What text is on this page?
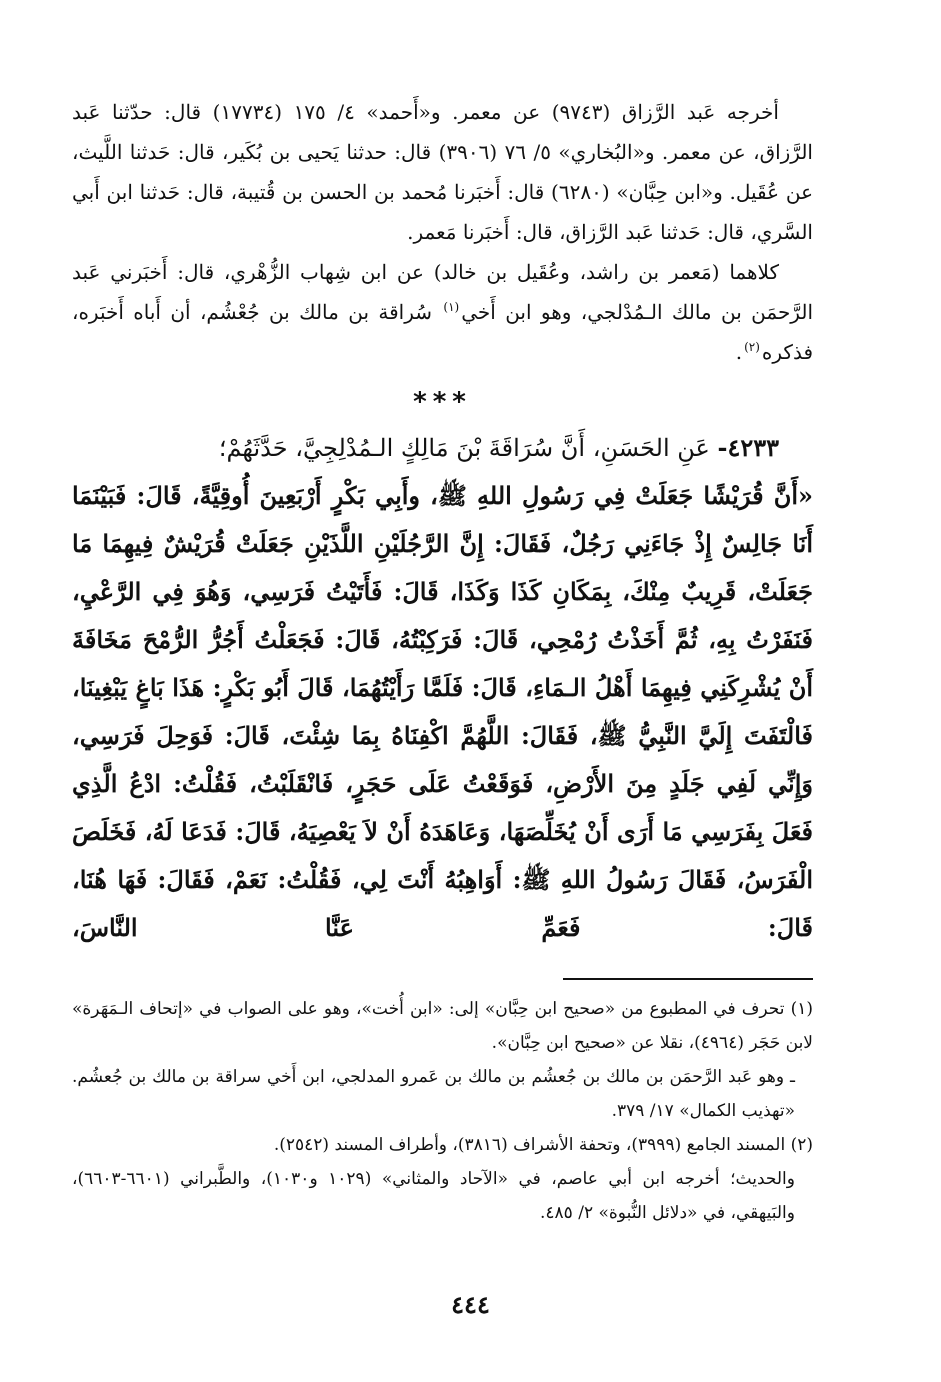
أخرجه عَبد الرَّزاق (٩٧٤٣) عن معمر. و«أَحمد» ٤/ ١٧٥ (١٧٧٣٤) قال: حدّثنا عَبد الرَّزاق، عن معمر. و«البُخاري» ٥/ ٧٦ (٣٩٠٦) قال: حدثنا يَحيى بن بُكَير، قال: حَدثنا اللَّيث، عن عُقَيل. و«ابن حِبَّان» (٦٢٨٠) قال: أَخبَرنا مُحمد بن الحسن بن قُتيبة، قال: حَدثنا ابن أَبي السَّري، قال: حَدثنا عَبد الرَّزاق، قال: أَخبَرنا مَعمر.

كلاهما (مَعمر بن راشد، وعُقَيل بن خالد) عن ابن شِهاب الزُّهْري، قال: أَخبَرني عَبد الرَّحمَن بن مالك الـمُدْلجي، وهو ابن أَخي$^{(١)}$ سُراقة بن مالك بن جُعْشُم، أن أَباه أَخبَره، فذكره$^{(٢)}$.

***

٤٢٣٣- عَنِ الحَسَنِ، أَنَّ سُرَاقَةَ بْنَ مَالِكٍ الـمُدْلِجِيَّ، حَدَّثَهُمْ؛

«أَنَّ قُرَيْشًا جَعَلَتْ فِي رَسُولِ اللهِ ﷺ، وأَبِي بَكْرٍ أَرْبَعِينَ أُوقِيَّةً، قَالَ: فَبَيْنَمَا أَنَا جَالِسٌ إِذْ جَاءَنِي رَجُلٌ، فَقَالَ: إِنَّ الرَّجُلَيْنِ اللَّذَيْنِ جَعَلَتْ قُرَيْشٌ فِيهِمَا مَا جَعَلَتْ، قَرِيبٌ مِنْكَ، بِمَكَانِ كَذَا وَكَذَا، قَالَ: فَأَتَيْتُ فَرَسِي، وَهُوَ فِي الرَّعْيِ، فَنَفَرْتُ بِهِ، ثُمَّ أَخَذْتُ رُمْحِي، قَالَ: فَرَكِبْتُهُ، قَالَ: فَجَعَلْتُ أَجُرُّ الرُّمْحَ مَخَافَةَ أَنْ يُشْرِكَنِي فِيهِمَا أَهْلُ الـمَاءِ، قَالَ: فَلَمَّا رَأَيْتُهُمَا، قَالَ أَبُو بَكْرٍ: هَذَا بَاغٍ يَبْغِينَا، فَالْتَفَتَ إِلَيَّ النَّبِيُّ ﷺ، فَقَالَ: اللَّهُمَّ اكْفِنَاهُ بِمَا شِئْتَ، قَالَ: فَوَحِلَ فَرَسِي، وَإِنِّي لَفِي جَلَدٍ مِنَ الأَرْضِ، فَوَقَعْتُ عَلَى حَجَرٍ، فَانْقَلَبْتُ، فَقُلْتُ: ادْعُ الَّذِي فَعَلَ بِفَرَسِي مَا أَرَى أَنْ يُخَلِّصَهَا، وَعَاهَدَهُ أَنْ لاَ يَعْصِيَهُ، قَالَ: فَدَعَا لَهُ، فَخَلَصَ الْفَرَسُ، فَقَالَ رَسُولُ اللهِ ﷺ: أَوَاهِبُهُ أَنْتَ لِي، فَقُلْتُ: نَعَمْ، فَقَالَ: فَهَا هُنَا، قَالَ: فَعَمِّ عَنَّا النَّاسَ،

(١) تحرف في المطبوع من «صحيح ابن حِبَّان» إلى: «ابن أُخت»، وهو على الصواب في «إتحاف الـمَهَرة» لابن حَجَر (٤٩٦٤)، نقلا عن «صحيح ابن حِبَّان».

ـ وهو عَبد الرَّحمَن بن مالك بن جُعشُم بن مالك بن عَمرو المدلجي، ابن أَخي سراقة بن مالك بن جُعشُم. «تهذيب الكمال» ١٧/ ٣٧٩.

(٢) المسند الجامع (٣٩٩٩)، وتحفة الأشراف (٣٨١٦)، وأطراف المسند (٢٥٤٢).

والحديث؛ أخرجه ابن أبي عاصم، في «الآحاد والمثاني» (١٠٢٩ و١٠٣٠)، والطَّبراني (٦٦٠١-٦٦٠٣)، والبَيهقي، في «دلائل النُّبوة» ٢/ ٤٨٥.

٤٤٤
